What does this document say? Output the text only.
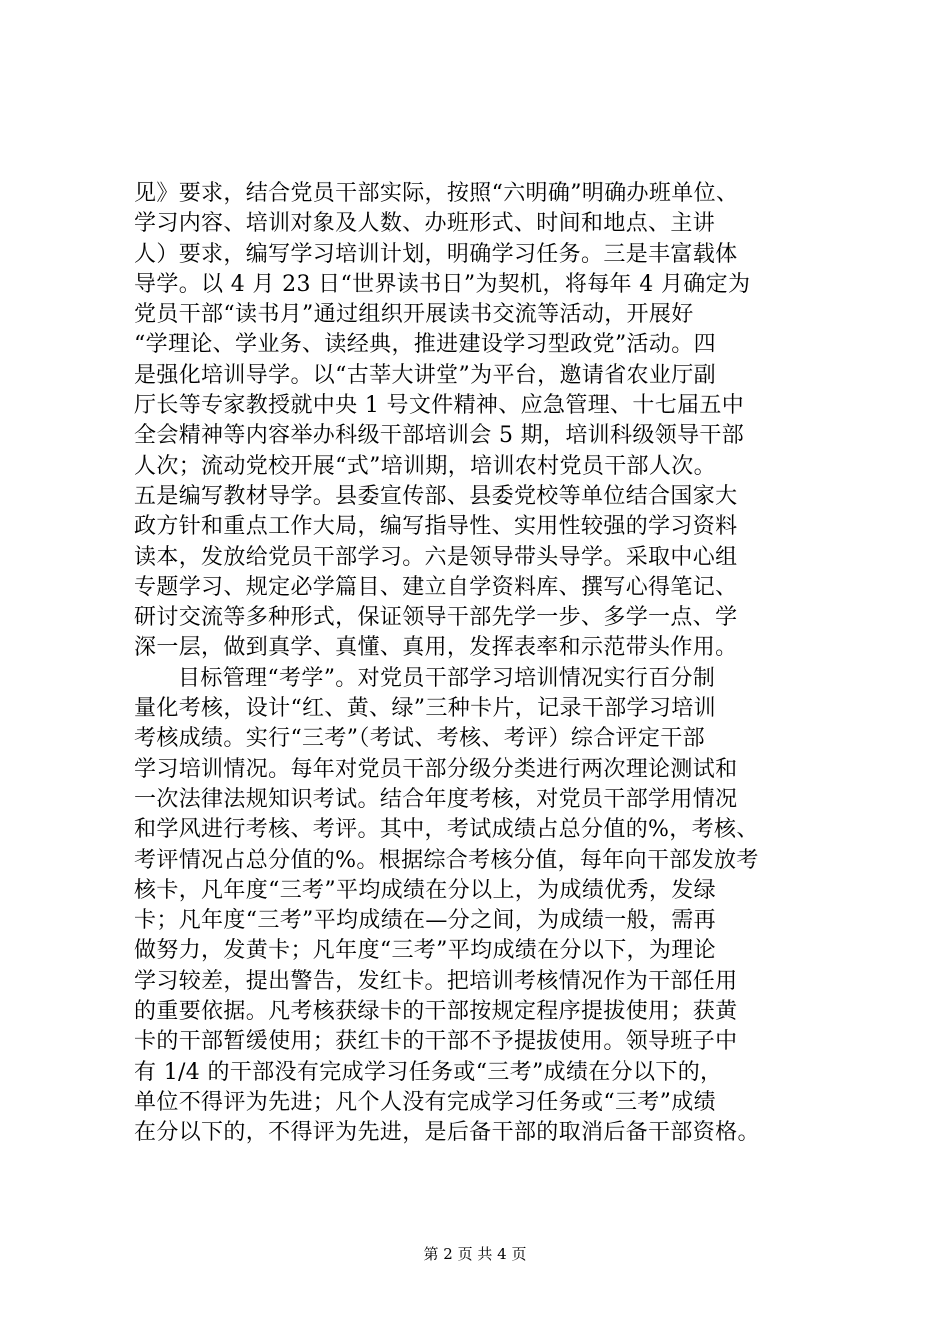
见》要求，结合党员干部实际，按照“六明确”明确办班单位、
学习内容、培训对象及人数、办班形式、时间和地点、主讲
人）要求，编写学习培训计划，明确学习任务。三是丰富载体
导学。以 4 月 23 日“世界读书日”为契机，将每年 4 月确定为
党员干部“读书月”通过组织开展读书交流等活动，开展好
“学理论、学业务、读经典，推进建设学习型政党”活动。四
是强化培训导学。以“古莘大讲堂”为平台，邀请省农业厅副
厅长等专家教授就中央 1 号文件精神、应急管理、十七届五中
全会精神等内容举办科级干部培训会 5 期，培训科级领导干部
人次；流动党校开展“式”培训期，培训农村党员干部人次。
五是编写教材导学。县委宣传部、县委党校等单位结合国家大
政方针和重点工作大局，编写指导性、实用性较强的学习资料
读本，发放给党员干部学习。六是领导带头导学。采取中心组
专题学习、规定必学篇目、建立自学资料库、撰写心得笔记、
研讨交流等多种形式，保证领导干部先学一步、多学一点、学
深一层，做到真学、真懂、真用，发挥表率和示范带头作用。
目标管理“考学”。对党员干部学习培训情况实行百分制
量化考核，设计“红、黄、绿”三种卡片，记录干部学习培训
考核成绩。实行“三考”（考试、考核、考评）综合评定干部
学习培训情况。每年对党员干部分级分类进行两次理论测试和
一次法律法规知识考试。结合年度考核，对党员干部学用情况
和学风进行考核、考评。其中，考试成绩占总分值的%，考核、
考评情况占总分值的%。根据综合考核分值，每年向干部发放考
核卡，凡年度“三考”平均成绩在分以上，为成绩优秀，发绿
卡；凡年度“三考”平均成绩在—分之间，为成绩一般，需再
做努力，发黄卡；凡年度“三考”平均成绩在分以下，为理论
学习较差，提出警告，发红卡。把培训考核情况作为干部任用
的重要依据。凡考核获绿卡的干部按规定程序提拔使用；获黄
卡的干部暂缓使用；获红卡的干部不予提拔使用。领导班子中
有 1/4 的干部没有完成学习任务或“三考”成绩在分以下的，
单位不得评为先进；凡个人没有完成学习任务或“三考”成绩
在分以下的，不得评为先进，是后备干部的取消后备干部资格。
第 2 页 共 4 页
